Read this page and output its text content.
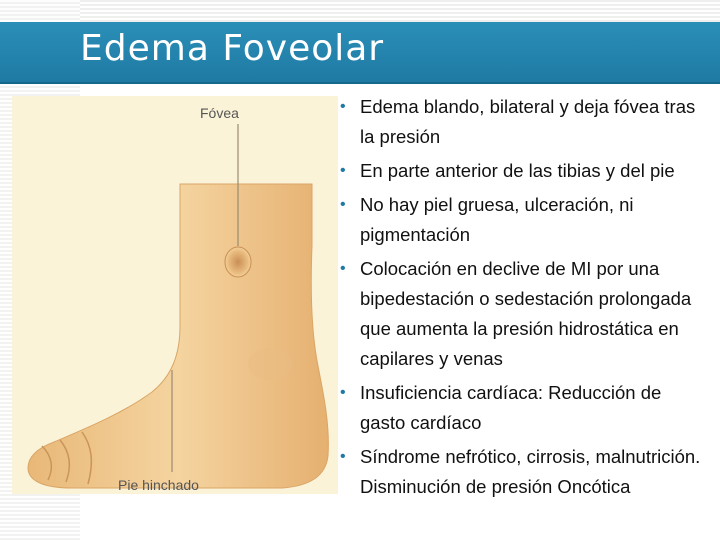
Edema Foveolar
Fóvea
Pie hinchado
• Edema blando, bilateral y deja fóvea tras la presión
• En parte anterior de las tibias y del pie
• No hay piel gruesa, ulceración, ni pigmentación
• Colocación en declive de MI por una bipedestación o sedestación prolongada que aumenta la presión hidrostática en capilares y venas
• Insuficiencia cardíaca: Reducción de gasto cardíaco
• Síndrome nefrótico, cirrosis, malnutrición. Disminución de presión Oncótica
